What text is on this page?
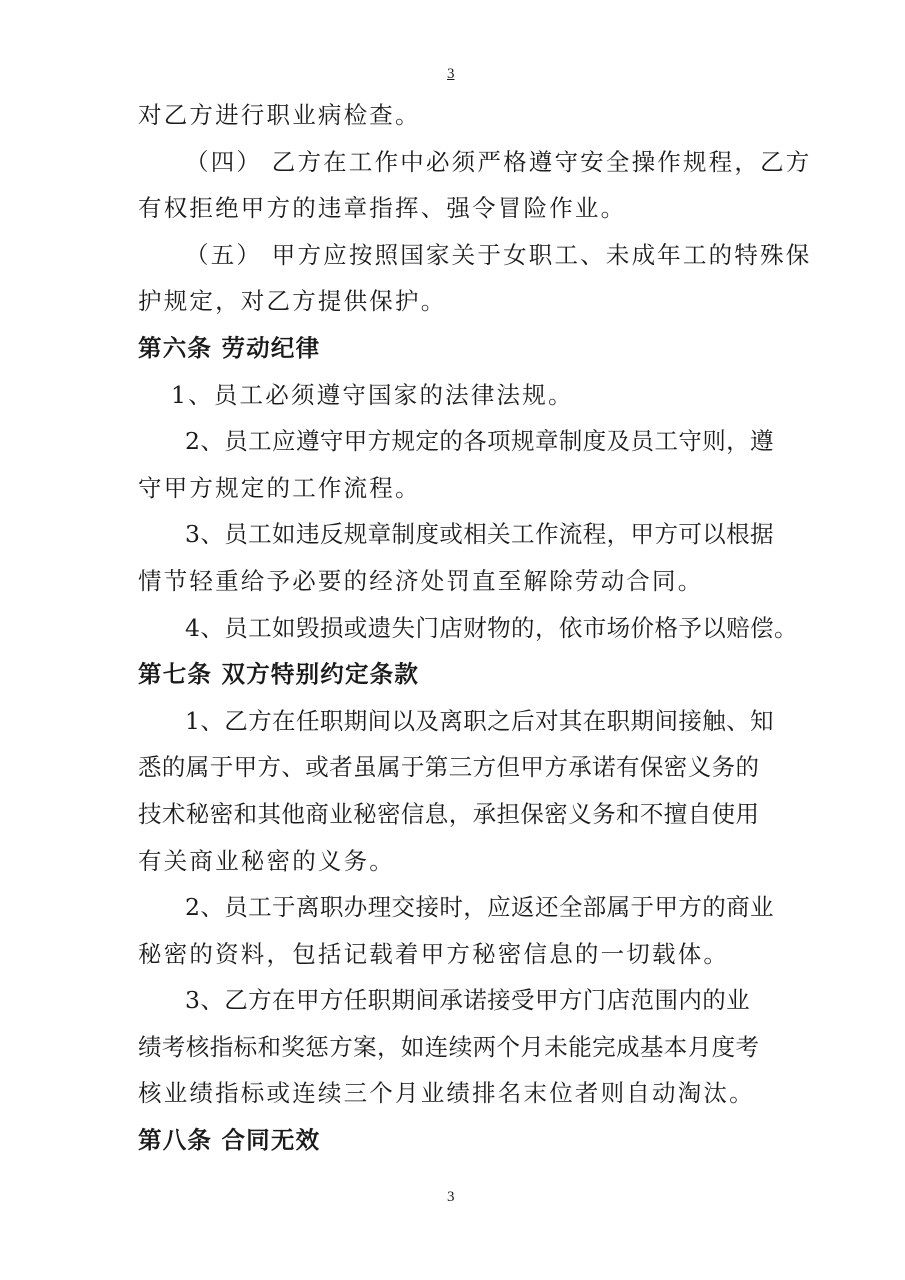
3
对乙方进行职业病检查。
（四） 乙方在工作中必须严格遵守安全操作规程，乙方
有权拒绝甲方的违章指挥、强令冒险作业。
（五） 甲方应按照国家关于女职工、未成年工的特殊保
护规定，对乙方提供保护。
第六条 劳动纪律
1、员工必须遵守国家的法律法规。
2、员工应遵守甲方规定的各项规章制度及员工守则，遵
守甲方规定的工作流程。
3、员工如违反规章制度或相关工作流程，甲方可以根据
情节轻重给予必要的经济处罚直至解除劳动合同。
4、员工如毁损或遗失门店财物的，依市场价格予以赔偿。
第七条 双方特别约定条款
1、乙方在任职期间以及离职之后对其在职期间接触、知
悉的属于甲方、或者虽属于第三方但甲方承诺有保密义务的
技术秘密和其他商业秘密信息，承担保密义务和不擅自使用
有关商业秘密的义务。
2、员工于离职办理交接时，应返还全部属于甲方的商业
秘密的资料，包括记载着甲方秘密信息的一切载体。
3、乙方在甲方任职期间承诺接受甲方门店范围内的业
绩考核指标和奖惩方案，如连续两个月未能完成基本月度考
核业绩指标或连续三个月业绩排名末位者则自动淘汰。
第八条 合同无效
3
